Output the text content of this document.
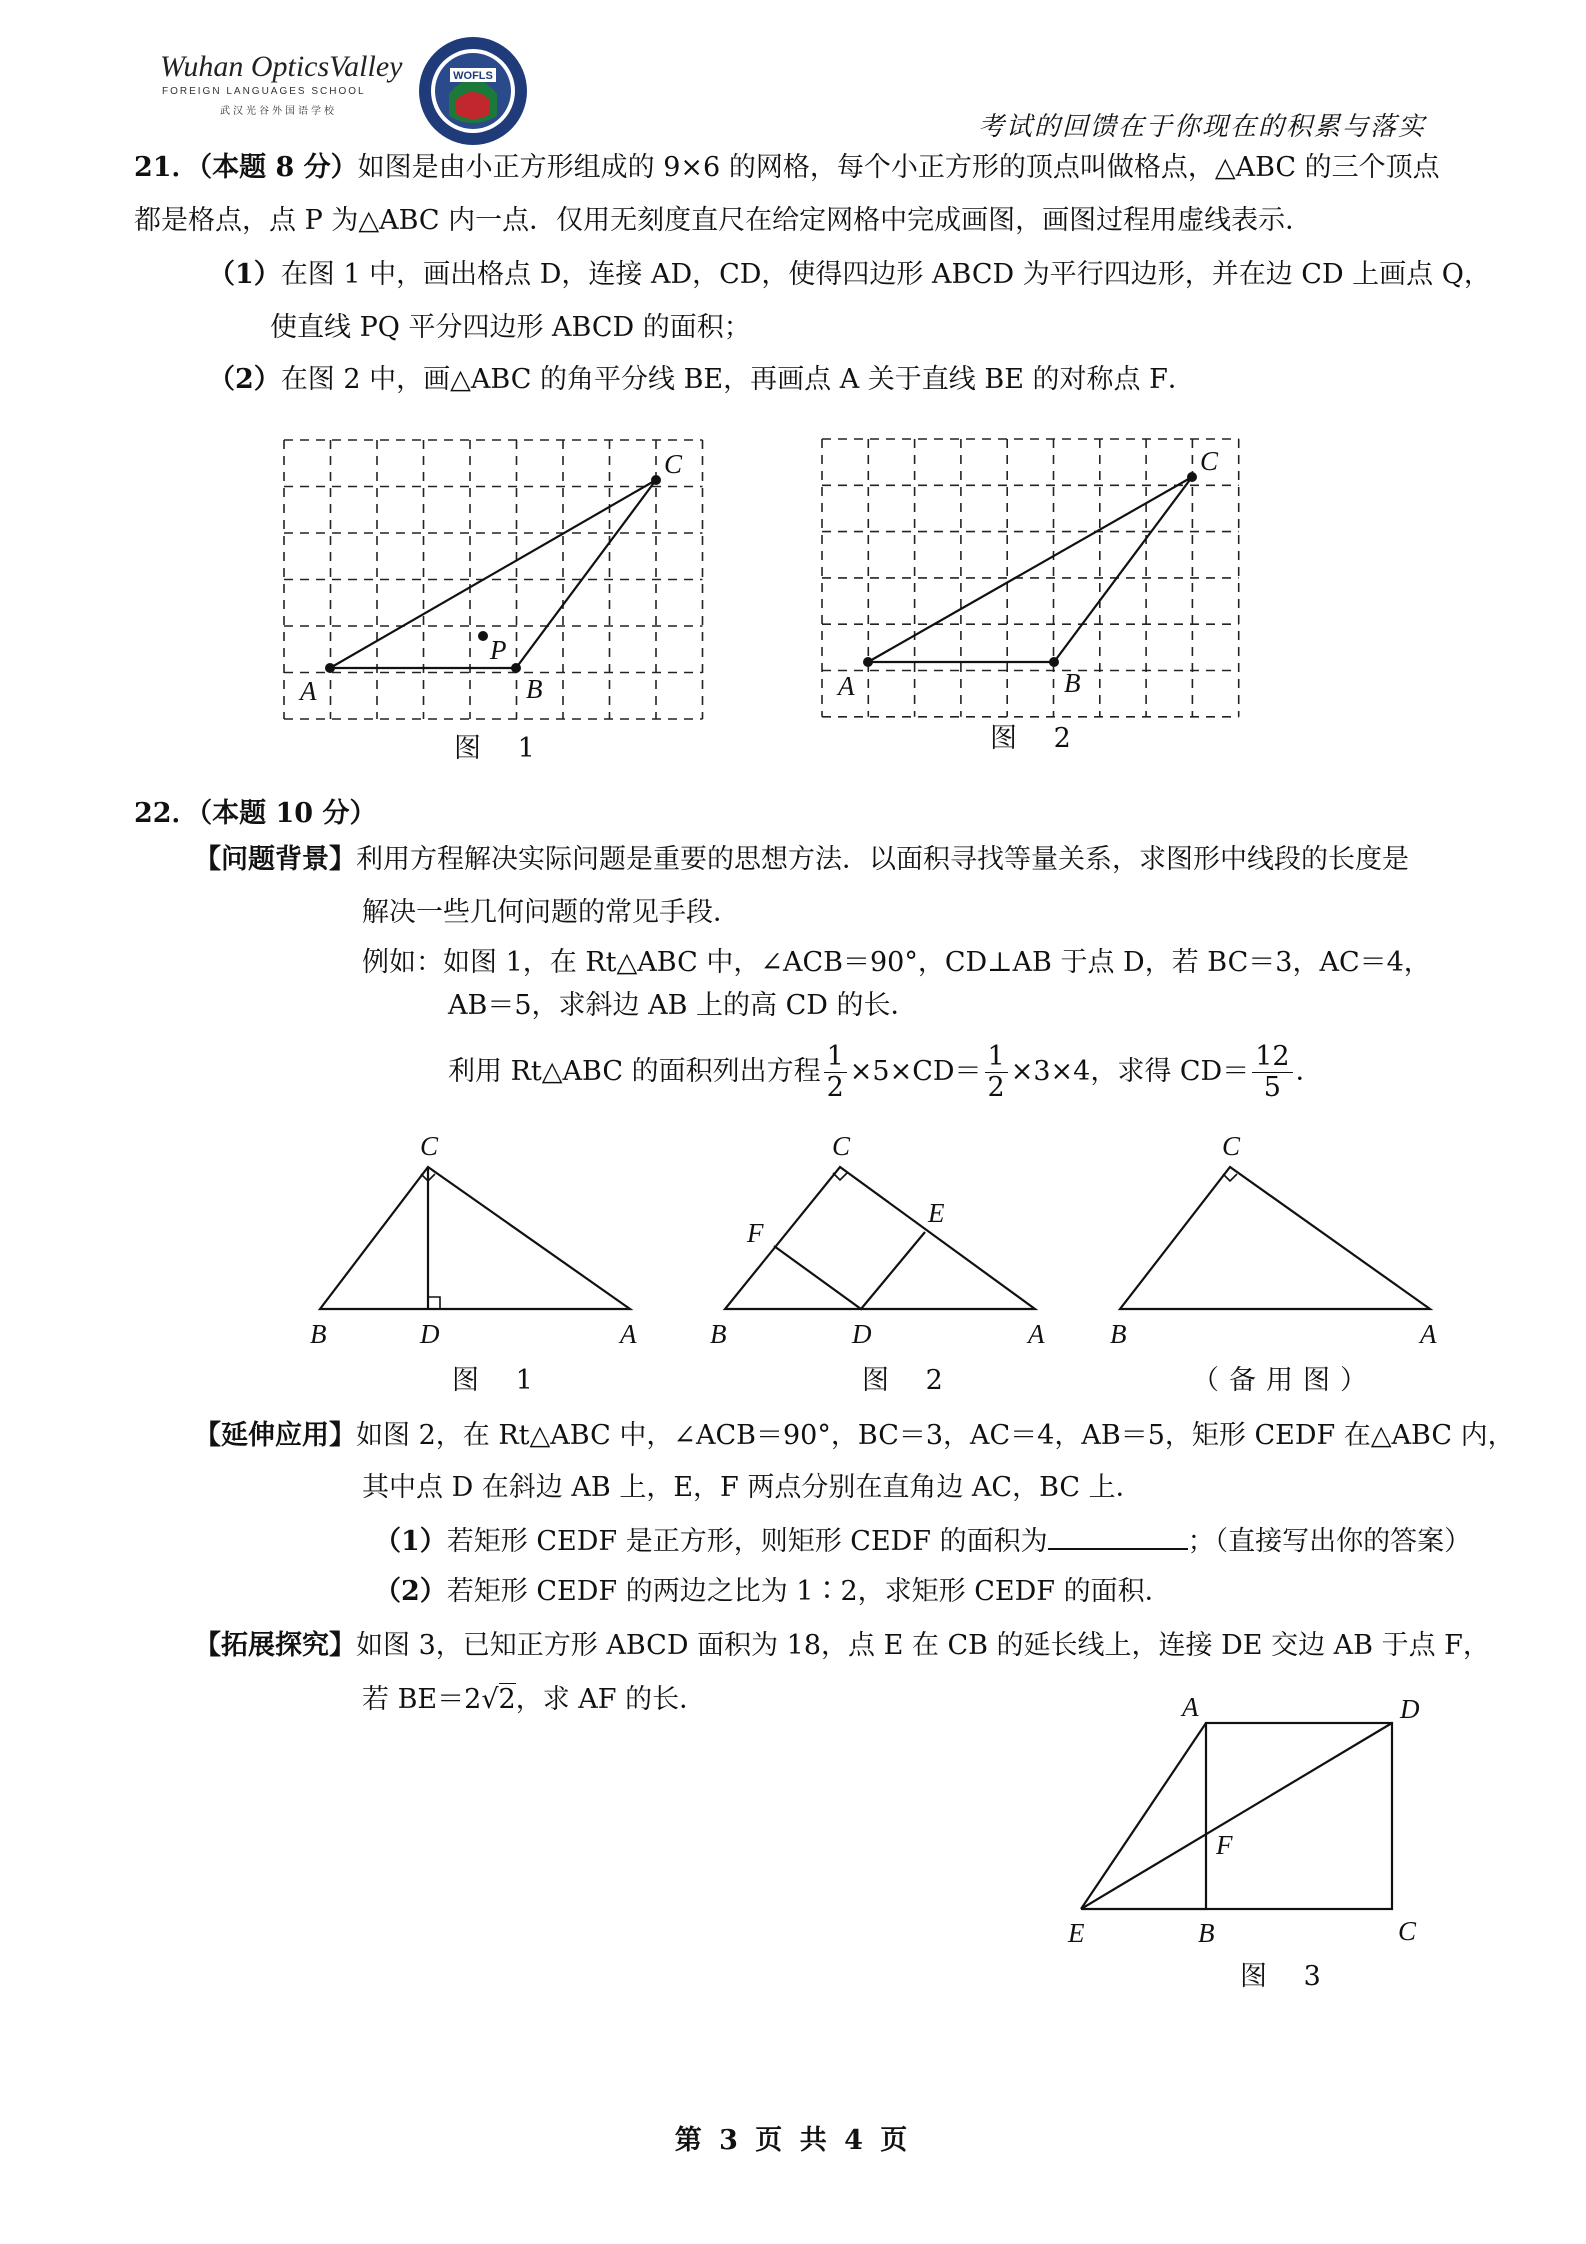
Wuhan OpticsValley
FOREIGN LANGUAGES SCHOOL
武汉光谷外国语学校
WOFLS
考试的回馈在于你现在的积累与落实
21．（本题 8 分）如图是由小正方形组成的 9×6 的网格，每个小正方形的顶点叫做格点，△ABC 的三个顶点
都是格点，点 P 为△ABC 内一点．仅用无刻度直尺在给定网格中完成画图，画图过程用虚线表示．
（1）在图 1 中，画出格点 D，连接 AD，CD，使得四边形 ABCD 为平行四边形，并在边 CD 上画点 Q，
使直线 PQ 平分四边形 ABCD 的面积；
（2）在图 2 中，画△ABC 的角平分线 BE，再画点 A 关于直线 BE 的对称点 F．
A	B
C
P
图 1
A	B
C
图 2
22．（本题 10 分）
【问题背景】利用方程解决实际问题是重要的思想方法．以面积寻找等量关系，求图形中线段的长度是
解决一些几何问题的常见手段．
例如：如图 1，在 Rt△ABC 中，∠ACB＝90°，CD⊥AB 于点 D，若 BC＝3，AC＝4，
AB＝5，求斜边 AB 上的高 CD 的长．
利用 Rt△ABC 的面积列出方程 $\frac{1}{2} \times 5\times CD= \frac{1}{2} \times 3\times 4$，求得 $CD= \frac{12}{5}$ ．
B	D	A
C
图 1
B	D	A
C
E
F
图 2
B	A
C
（备用图）
【延伸应用】如图 2，在 Rt△ABC 中，∠ACB＝90°，BC＝3，AC＝4，AB＝5，矩形 CEDF 在△ABC 内，
其中点 D 在斜边 AB 上，E，F 两点分别在直角边 AC，BC 上．
（1）若矩形 CEDF 是正方形，则矩形 CEDF 的面积为	；（直接写出你的答案）
（2）若矩形 CEDF 的两边之比为 1∶2，求矩形 CEDF 的面积．
【拓展探究】如图 3，已知正方形 ABCD 面积为 18，点 E 在 CB 的延长线上，连接 DE 交边 AB 于点 F，
若 BE＝2√2，求 AF 的长．	A	D
F
E	B	C
图 3
第 3 页 共 4 页
